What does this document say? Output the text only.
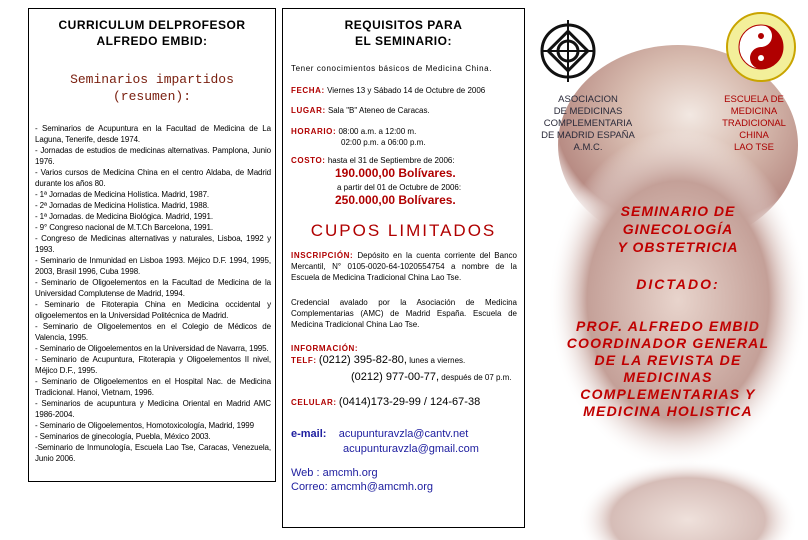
CURRICULUM DELPROFESOR
ALFREDO EMBID:
Seminarios impartidos
(resumen):
- Seminarios de Acupuntura en la Facultad de Medicina de La Laguna, Tenerife, desde 1974.
- Jornadas de estudios de medicinas alternativas. Pamplona, Junio 1976.
- Varios cursos de Medicina China en el centro Aldaba, de Madrid durante los años 80.
- 1ª Jornadas de Medicina Holística. Madrid, 1987.
- 2ª Jornadas de Medicina Holística. Madrid, 1988.
- 1ª Jornadas. de Medicina Biológica. Madrid, 1991.
- 9° Congreso nacional de M.T.Ch Barcelona, 1991.
- Congreso de Medicinas alternativas y naturales, Lisboa, 1992 y 1993.
- Seminario de Inmunidad en Lisboa 1993. Méjico D.F. 1994, 1995, 2003, Brasil 1996, Cuba 1998.
- Seminario de Oligoelementos en la Facultad de Medicina de la Universidad Complutense de Madrid, 1994.
- Seminario de Fitoterapia China en Medicina occidental y oligoelementos en la Universidad Politécnica de Madrid.
- Seminario de Oligoelementos en el Colegio de Médicos de Valencia, 1995.
- Seminario de Oligoelementos en la Universidad de Navarra, 1995.
- Seminario de Acupuntura, Fitoterapia y Oligoelementos II nivel, Méjico D.F., 1995.
- Seminario de Oligoelementos en el Hospital Nac. de Medicina Tradicional. Hanoi, Vietnam, 1996.
- Seminarios de acupuntura y Medicina Oriental en Madrid AMC 1986-2004.
- Seminario de Oligoelementos, Homotoxicología, Madrid, 1999
- Seminarios de ginecología, Puebla, México 2003.
-Seminario de Inmunología, Escuela Lao Tse, Caracas, Venezuela, Junio 2006.
REQUISITOS PARA
EL SEMINARIO:
Tener conocimientos básicos de Medicina China.
FECHA: Viernes 13 y Sábado 14 de Octubre de 2006
LUGAR: Sala "B" Ateneo de Caracas.
HORARIO: 08:00 a.m. a 12:00 m.
02:00 p.m. a 06:00 p.m.
COSTO: hasta el 31 de Septiembre de 2006:
190.000,00 Bolívares.
a partir del 01 de Octubre de 2006:
250.000,00 Bolívares.
CUPOS LIMITADOS
INSCRIPCIÓN: Depósito en la cuenta corriente del Banco Mercantil, N° 0105-0020-64-1020554754 a nombre de la Escuela de Medicina Tradicional China Lao Tse.
Credencial avalado por la Asociación de Medicina Complementarias (AMC) de Madrid España. Escuela de Medicina Tradicional China Lao Tse.
INFORMACIÓN:
TELF: (0212) 395-82-80, lunes a viernes.
(0212) 977-00-77, después de 07 p.m.
CELULAR: (0414)173-29-99 / 124-67-38
e-mail: acupunturavzla@cantv.net
acupunturavzla@gmail.com
Web : amcmh.org
Correo: amcmh@amcmh.org
ASOCIACION
DE MEDICINAS
COMPLEMENTARIA
DE MADRID ESPAÑA
A.M.C.
ESCUELA DE
MEDICINA
TRADICIONAL
CHINA
LAO TSE
SEMINARIO DE
GINECOLOGÍA
Y OBSTETRICIA
DICTADO:
PROF. ALFREDO EMBID
COORDINADOR GENERAL
DE LA REVISTA DE
MEDICINAS
COMPLEMENTARIAS Y
MEDICINA HOLISTICA
